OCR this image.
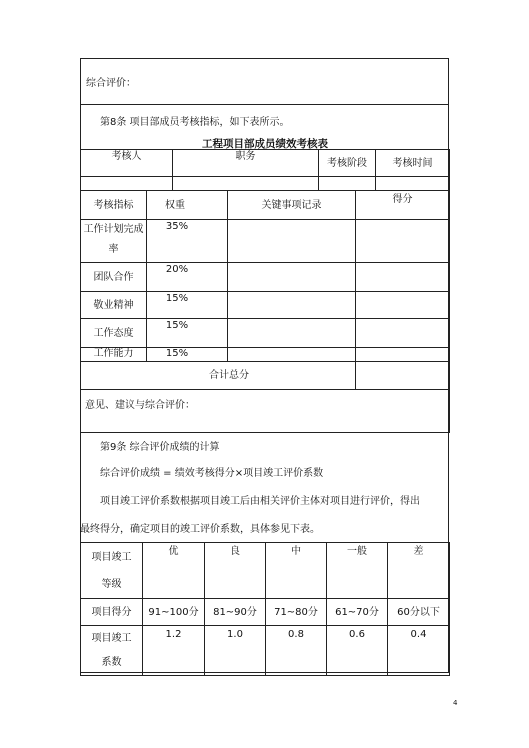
综合评价：
第8条 项目部成员考核指标，如下表所示。
工程项目部成员绩效考核表
考核人		职务		考核阶段		考核时间

考核指标	权重		关键事项记录		得分	

工作计划完成
率	35%					
团队合作	20%					
敬业精神	15%					
工作态度	15%					
工作能力	15%					
合计总分						
意见、建议与综合评价：						
第9条 综合评价成绩的计算
综合评价成绩 = 绩效考核得分×项目竣工评价系数
项目竣工评价系数根据项目竣工后由相关评价主体对项目进行评价，得出
最终得分，确定项目的竣工评价系数，具体参见下表。
项目竣工
等级	优	良	中	一般	差
项目得分	91~100分	81~90分	71~80分	61~70分	60分以下

项目竣工
系数	1.2	1.0	0.8	0.6	0.4
4
